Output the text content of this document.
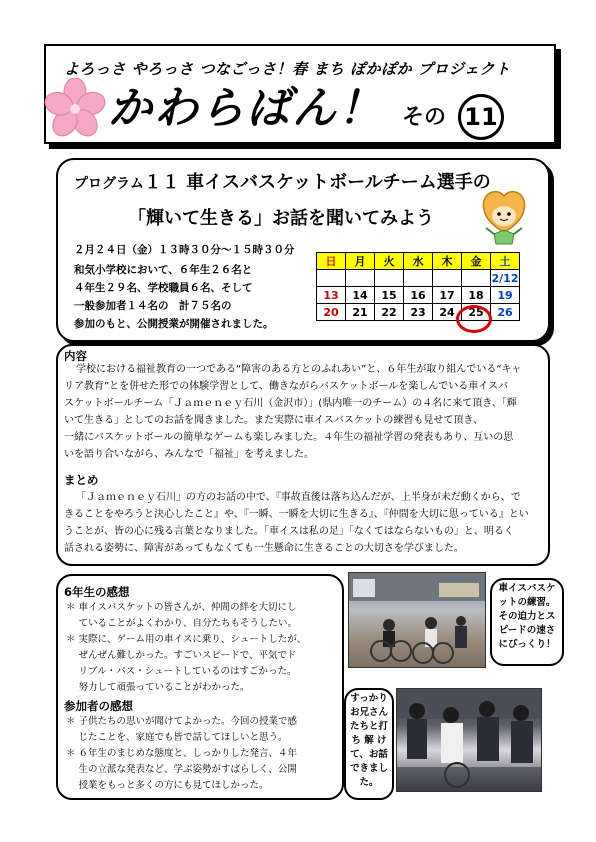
よろっさ やろっさ つなごっさ！春 まち ぽかぽか プロジェクト
かわらばん！ その 11
プログラム１１ 車イスバスケットボールチーム選手の
「輝いて生きる」お話を聞いてみよう
２月２４日（金）１３時３０分～１５時３０分
和気小学校において、６年生２６名と
４年生２９名、学校職員６名、そして
一般参加者１４名の　計７５名の
参加のもと、公開授業が開催されました。
日	月	火	水	木	金	土
						2/12
13	14	15	16	17	18	19
20	21	22	23	24	25	26
内容
学校における福祉教育の一つである“障害のある方とのふれあい”と、６年生が取り組んでいる“キャ
リア教育”とを併せた形での体験学習として、働きながらバスケットボールを楽しんでいる車イスバ
スケットボールチーム「Ｊａｍｅｎｅｙ石川（金沢市）」(県内唯一のチーム）の４名に来て頂き、「輝
いて生きる」としてのお話を聞きました。また実際に車イスバスケットの練習も見せて頂き、
一緒にバスケットボールの簡単なゲームも楽しみました。４年生の福祉学習の発表もあり、互いの思
いを語り合いながら、みんなで「福祉」を考えました。
まとめ
「Ｊａｍｅｎｅｙ石川」の方のお話の中で、『事故直後は落ち込んだが、上半身が未だ動くから、で
きることをやろうと決心したこと』や、『一瞬、一瞬を大切に生きる』、『仲間を大切に思っている』とい
うことが、皆の心に残る言葉となりました。「車イスは私の足」「なくてはならないもの」と、明るく
話される姿勢に、障害があってもなくても一生懸命に生きることの大切さを学びました。
6年生の感想
＊ 車イスバスケットの皆さんが、仲間の絆を大切にし
　 ていることがよくわかり、自分たちもそうしたい。
＊ 実際に、ゲーム用の車イスに乗り、シュートしたが、
　 ぜんぜん難しかった。すごいスピードで、平気でド
　 リブル・パス・シュートしているのはすごかった。
　 努力して頑張っていることがわかった。
参加者の感想
＊ 子供たちの思いが聞けてよかった。今回の授業で感
　 じたことを、家庭でも皆で話してほしいと思う。
＊ ６年生のまじめな態度と、しっかりした発言、４年
　 生の立派な発表など、学ぶ姿勢がすばらしく、公開
　 授業をもっと多くの方にも見てほしかった。
車イスバスケ
ットの練習。
その迫力とス
ピードの速さ
にびっくり！
すっかり
お兄さん
たちと打
ち 解 け
て、お話
できまし
た。
